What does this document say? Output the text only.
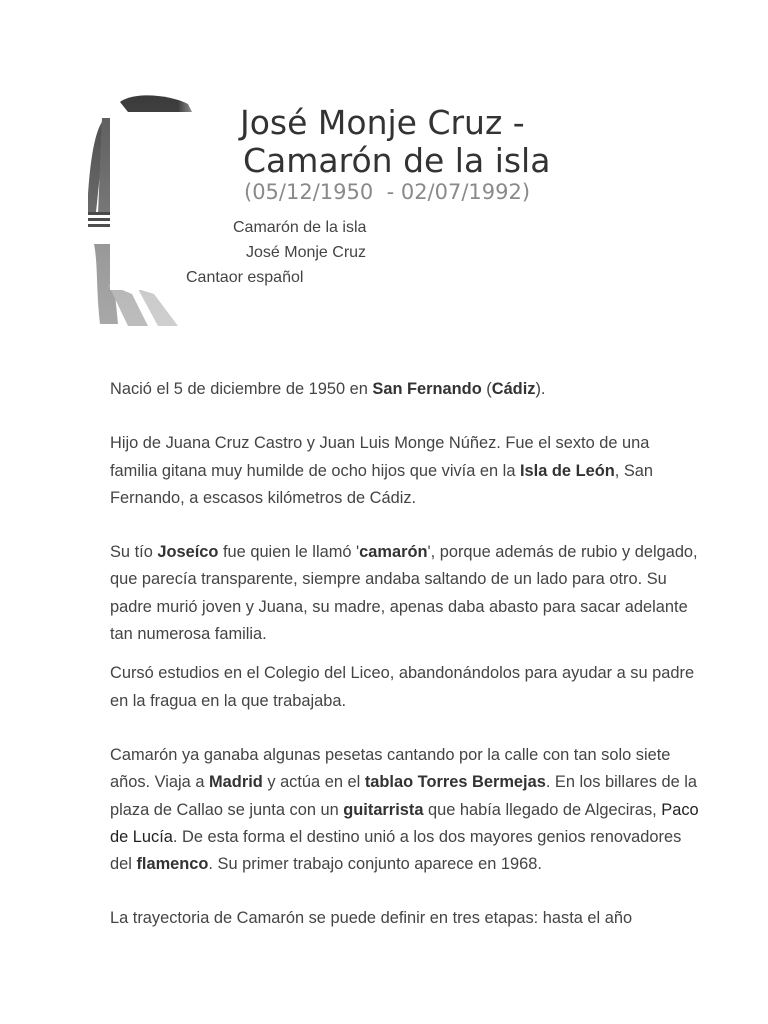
José Monje Cruz -
Camarón de la isla
(05/12/1950  - 02/07/1992)
Camarón de la isla
José Monje Cruz
Cantaor español

Nació el 5 de diciembre de 1950 en San Fernando (Cádiz).

Hijo de Juana Cruz Castro y Juan Luis Monge Núñez. Fue el sexto de una familia gitana muy humilde de ocho hijos que vivía en la Isla de León, San Fernando, a escasos kilómetros de Cádiz.

Su tío Joseíco fue quien le llamó 'camarón', porque además de rubio y delgado, que parecía transparente, siempre andaba saltando de un lado para otro. Su padre murió joven y Juana, su madre, apenas daba abasto para sacar adelante tan numerosa familia.

Cursó estudios en el Colegio del Liceo, abandonándolos para ayudar a su padre en la fragua en la que trabajaba.

Camarón ya ganaba algunas pesetas cantando por la calle con tan solo siete años. Viaja a Madrid y actúa en el tablao Torres Bermejas. En los billares de la plaza de Callao se junta con un guitarrista que había llegado de Algeciras, Paco de Lucía. De esta forma el destino unió a los dos mayores genios renovadores del flamenco. Su primer trabajo conjunto aparece en 1968.

La trayectoria de Camarón se puede definir en tres etapas: hasta el año
